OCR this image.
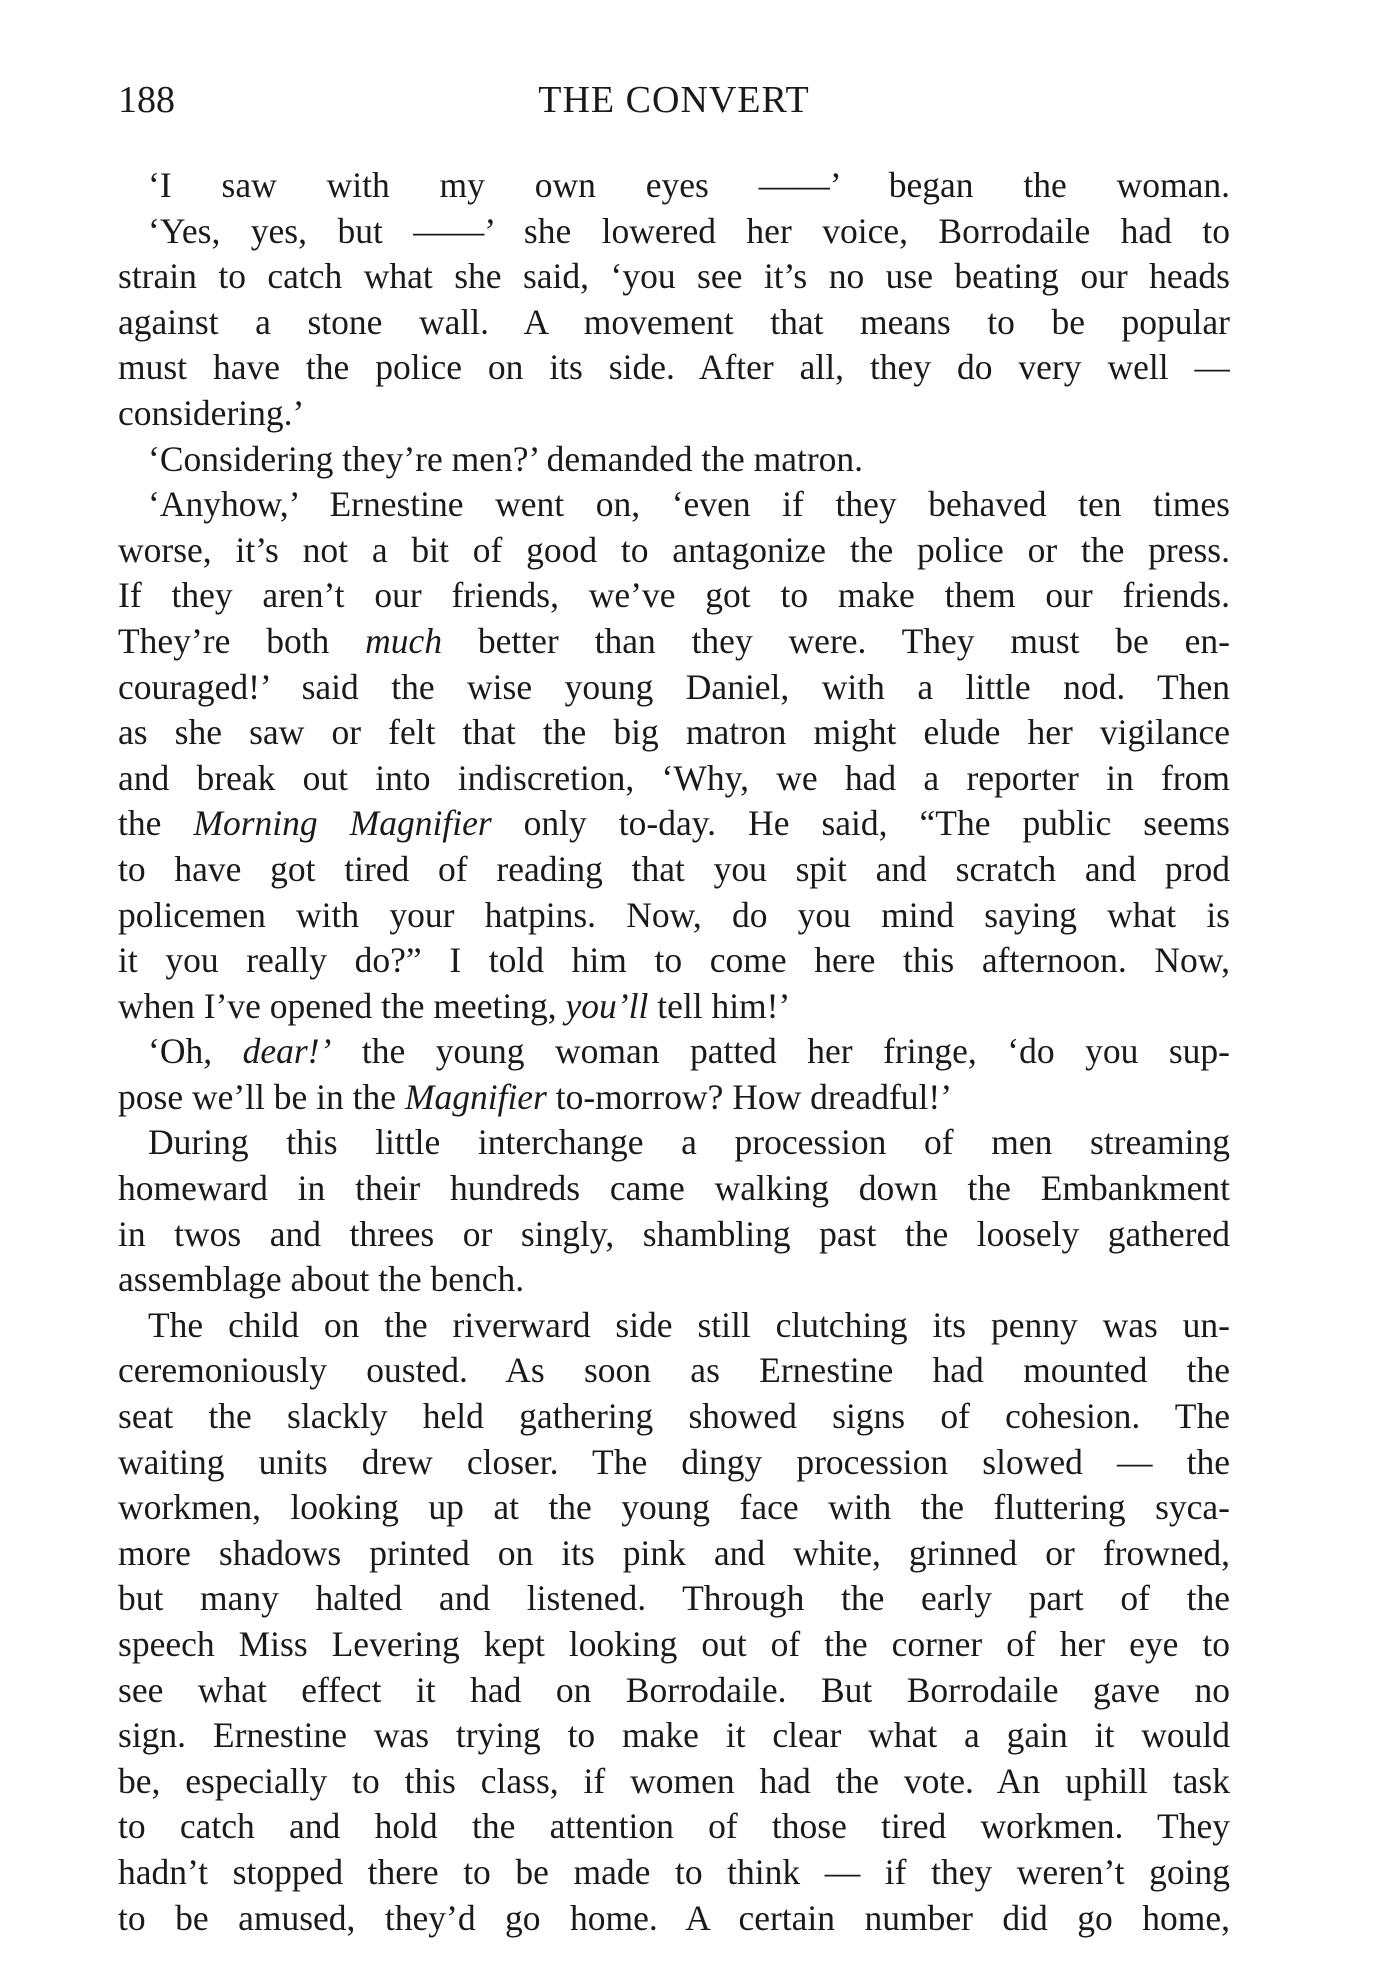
188	THE CONVERT
‘I saw with my own eyes ——’ began the woman.
‘Yes, yes, but ——’ she lowered her voice, Borrodaile had to
strain to catch what she said, ‘you see it’s no use beating our heads
against a stone wall. A movement that means to be popular
must have the police on its side. After all, they do very well —
considering.’
‘Considering they’re men?’ demanded the matron.
‘Anyhow,’ Ernestine went on, ‘even if they behaved ten times
worse, it’s not a bit of good to antagonize the police or the press.
If they aren’t our friends, we’ve got to make them our friends.
They’re both much better than they were. They must be en-
couraged!’ said the wise young Daniel, with a little nod. Then
as she saw or felt that the big matron might elude her vigilance
and break out into indiscretion, ‘Why, we had a reporter in from
the Morning Magnifier only to-day. He said, “The public seems
to have got tired of reading that you spit and scratch and prod
policemen with your hatpins. Now, do you mind saying what is
it you really do?” I told him to come here this afternoon. Now,
when I’ve opened the meeting, you’ll tell him!’
‘Oh, dear!’ the young woman patted her fringe, ‘do you sup-
pose we’ll be in the Magnifier to-morrow? How dreadful!’
During this little interchange a procession of men streaming
homeward in their hundreds came walking down the Embankment
in twos and threes or singly, shambling past the loosely gathered
assemblage about the bench.
The child on the riverward side still clutching its penny was un-
ceremoniously ousted. As soon as Ernestine had mounted the
seat the slackly held gathering showed signs of cohesion. The
waiting units drew closer. The dingy procession slowed — the
workmen, looking up at the young face with the fluttering syca-
more shadows printed on its pink and white, grinned or frowned,
but many halted and listened. Through the early part of the
speech Miss Levering kept looking out of the corner of her eye to
see what effect it had on Borrodaile. But Borrodaile gave no
sign. Ernestine was trying to make it clear what a gain it would
be, especially to this class, if women had the vote. An uphill task
to catch and hold the attention of those tired workmen. They
hadn’t stopped there to be made to think — if they weren’t going
to be amused, they’d go home. A certain number did go home,
